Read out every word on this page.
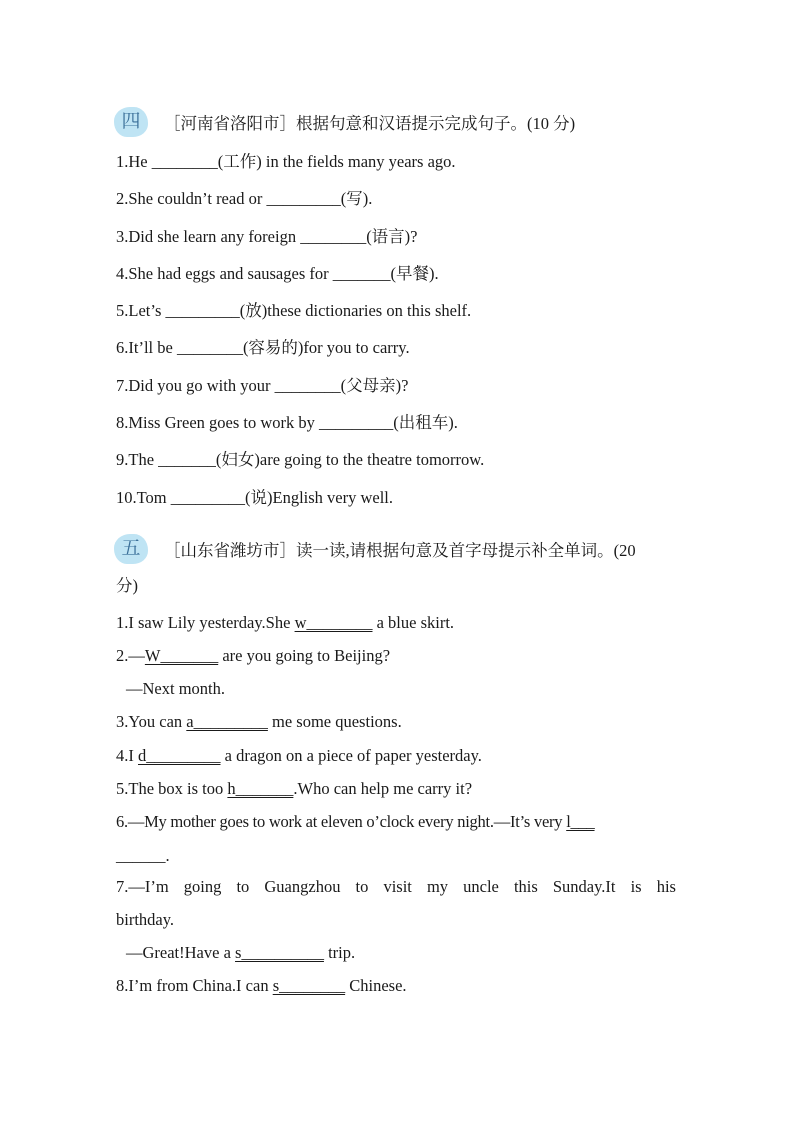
四	［河南省洛阳市］根据句意和汉语提示完成句子。(10 分)
1.He ________(工作) in the fields many years ago.
2.She couldn’t read or _________(写).
3.Did she learn any foreign ________(语言)?
4.She had eggs and sausages for _______(早餐).
5.Let’s _________(放)these dictionaries on this shelf.
6.It’ll be ________(容易的)for you to carry.
7.Did you go with your ________(父母亲)?
8.Miss Green goes to work by _________(出租车).
9.The _______(妇女)are going to the theatre tomorrow.
10.Tom _________(说)English very well.
五	［山东省潍坊市］读一读,请根据句意及首字母提示补全单词。(20
分)
1.I saw Lily yesterday.She w________ a blue skirt.
2.—W_______ are you going to Beijing?
—Next month.
3.You can a_________ me some questions.
4.I d_________ a dragon on a piece of paper yesterday.
5.The box is too h_______.Who can help me carry it?
6.—My mother goes to work at eleven o’clock every night.—It’s very l___
______.
7.—I’m going to Guangzhou to visit my uncle this Sunday.It is his
birthday.
—Great!Have a s__________ trip.
8.I’m from China.I can s________ Chinese.
